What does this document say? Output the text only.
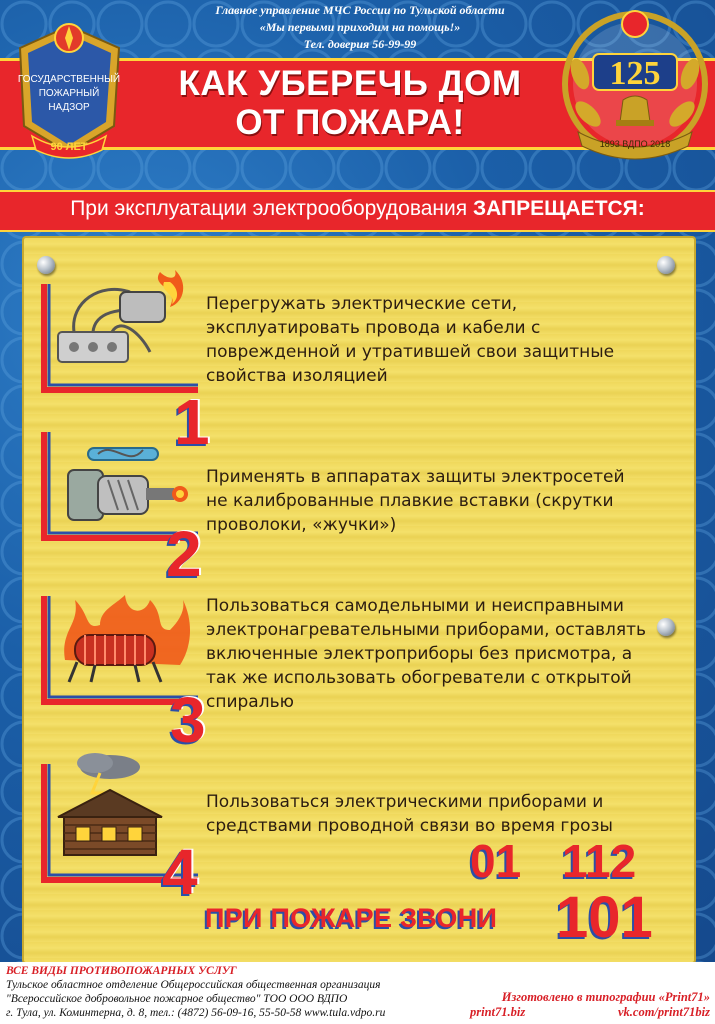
Главное управление МЧС России по Тульской области
«Мы первыми приходим на помощь!»
Тел. доверия 56-99-99
КАК УБЕРЕЧЬ ДОМ
ОТ ПОЖАРА!
ГОСУДАРСТВЕННЫЙ
ПОЖАРНЫЙ
НАДЗОР
90 ЛЕТ
125
1893 ВДПО 2018
При эксплуатации электрооборудования ЗАПРЕЩАЕТСЯ:
1
Перегружать электрические сети,
эксплуатировать провода и кабели с
поврежденной и утратившей свои защитные
свойства изоляцией
2
Применять в аппаратах защиты электросетей
не калиброванные плавкие вставки (скрутки
проволоки, «жучки»)
3
Пользоваться самодельными и неисправными
электронагревательными приборами, оставлять
включенные электроприборы без присмотра, а
так же использовать обогреватели с открытой
спиралью
4
Пользоваться электрическими приборами и
средствами проводной связи во время грозы
01 112
ПРИ ПОЖАРЕ ЗВОНИ 101
ВСЕ ВИДЫ ПРОТИВОПОЖАРНЫХ УСЛУГ
Тульское областное отделение Общероссийская общественная организация
"Всероссийское добровольное пожарное общество" ТОО ООО ВДПО
г. Тула, ул. Коминтерна, д. 8, тел.: (4872) 56-09-16, 55-50-58 www.tula.vdpo.ru
Изготовлено в типографии «Print71»
print71.biz	vk.com/print71biz
